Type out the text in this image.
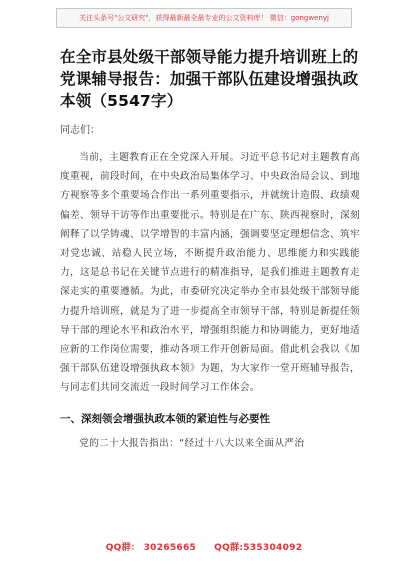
关注头条号"公文研究"，获得最新最全最专业的公文资料库！ 微信：gongwenyj
在全市县处级干部领导能力提升培训班上的党课辅导报告：加强干部队伍建设增强执政本领（5547字）
同志们：
当前，主题教育正在全党深入开展。习近平总书记对主题教育高度重视，前段时间，在中央政治局集体学习、中央政治局会议、到地方视察等多个重要场合作出一系列重要指示，并就统计造假、政绩观偏差、领导干访等作出重要批示。特别是在广东、陕西视察时，深刻阐释了以学铸魂、以学增智的丰富内涵，强调要坚定理想信念、筑牢对党忠诚、站稳人民立场，不断提升政治能力、思维能力和实践能力，这是总书记在关键节点进行的精准指导，是我们推进主题教育走深走实的重要遵循。为此，市委研究决定举办全市县处级干部领导能力提升培训班，就是为了进一步提高全市领导干部，特别是新提任领导干部的理论水平和政治水平，增强组织能力和协调能力，更好地适应新的工作岗位需要，推动各项工作开创新局面。借此机会我以《加强干部队伍建设增强执政本领》为题，为大家作一堂开班辅导报告，与同志们共同交流近一段时间学习工作体会。
一、深刻领会增强执政本领的紧迫性与必要性
党的二十大报告指出：“经过十八大以来全面从严治
QQ群： 30265665 QQ群:535304092
